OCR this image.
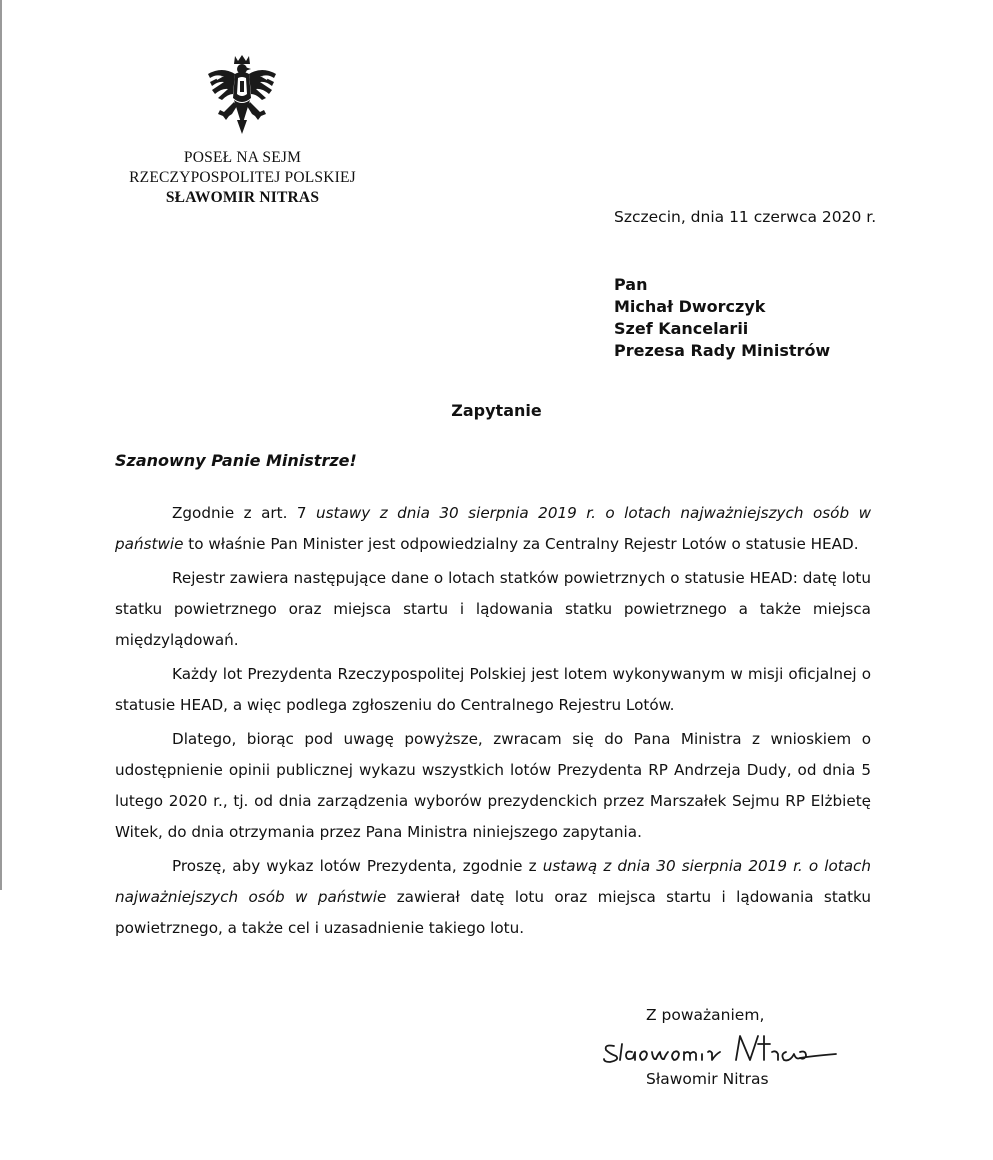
POSEŁ NA SEJM
RZECZYPOSPOLITEJ POLSKIEJ
SŁAWOMIR NITRAS
Szczecin, dnia 11 czerwca 2020 r.
Pan
Michał Dworczyk
Szef Kancelarii
Prezesa Rady Ministrów
Zapytanie
Szanowny Panie Ministrze!

Zgodnie z art. 7 ustawy z dnia 30 sierpnia 2019 r. o lotach najważniejszych osób w państwie to właśnie Pan Minister jest odpowiedzialny za Centralny Rejestr Lotów o statusie HEAD.

Rejestr zawiera następujące dane o lotach statków powietrznych o statusie HEAD: datę lotu statku powietrznego oraz miejsca startu i lądowania statku powietrznego a także miejsca międzylądowań.

Każdy lot Prezydenta Rzeczypospolitej Polskiej jest lotem wykonywanym w misji oficjalnej o statusie HEAD, a więc podlega zgłoszeniu do Centralnego Rejestru Lotów.

Dlatego, biorąc pod uwagę powyższe, zwracam się do Pana Ministra z wnioskiem o udostępnienie opinii publicznej wykazu wszystkich lotów Prezydenta RP Andrzeja Dudy, od dnia 5 lutego 2020 r., tj. od dnia zarządzenia wyborów prezydenckich przez Marszałek Sejmu RP Elżbietę Witek, do dnia otrzymania przez Pana Ministra niniejszego zapytania.

Proszę, aby wykaz lotów Prezydenta, zgodnie z ustawą z dnia 30 sierpnia 2019 r. o lotach najważniejszych osób w państwie zawierał datę lotu oraz miejsca startu i lądowania statku powietrznego, a także cel i uzasadnienie takiego lotu.

Z poważaniem,
Sławomir Nitras
